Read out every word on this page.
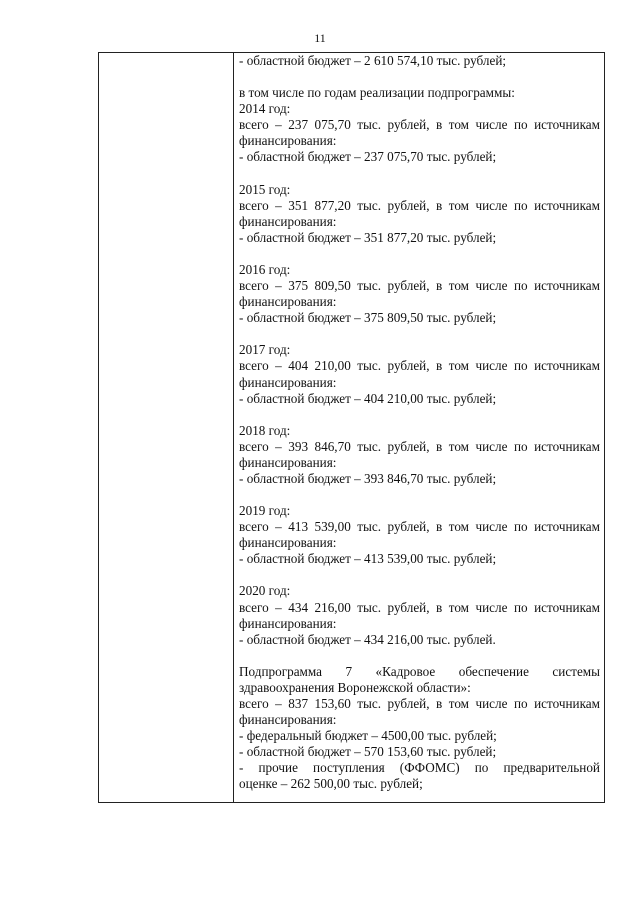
11

- областной бюджет – 2 610 574,10 тыс. рублей;
в том числе по годам реализации подпрограммы:
2014 год:
всего – 237 075,70 тыс. рублей, в том числе по источникам
финансирования:
- областной бюджет – 237 075,70 тыс. рублей;
2015 год:
всего – 351 877,20 тыс. рублей, в том числе по источникам
финансирования:
- областной бюджет – 351 877,20 тыс. рублей;
2016 год:
всего – 375 809,50 тыс. рублей, в том числе по источникам
финансирования:
- областной бюджет – 375 809,50 тыс. рублей;
2017 год:
всего – 404 210,00 тыс. рублей, в том числе по источникам
финансирования:
- областной бюджет – 404 210,00 тыс. рублей;
2018 год:
всего – 393 846,70 тыс. рублей, в том числе по источникам
финансирования:
- областной бюджет – 393 846,70 тыс. рублей;
2019 год:
всего – 413 539,00 тыс. рублей, в том числе по источникам
финансирования:
- областной бюджет – 413 539,00 тыс. рублей;
2020 год:
всего – 434 216,00 тыс. рублей, в том числе по источникам
финансирования:
- областной бюджет – 434 216,00 тыс. рублей.
Подпрограмма 7 «Кадровое обеспечение системы
здравоохранения Воронежской области»:
всего – 837 153,60 тыс. рублей, в том числе по источникам
финансирования:
- федеральный бюджет – 4500,00 тыс. рублей;
- областной бюджет – 570 153,60 тыс. рублей;
- прочие поступления (ФФОМС) по предварительной
оценке – 262 500,00 тыс. рублей;
